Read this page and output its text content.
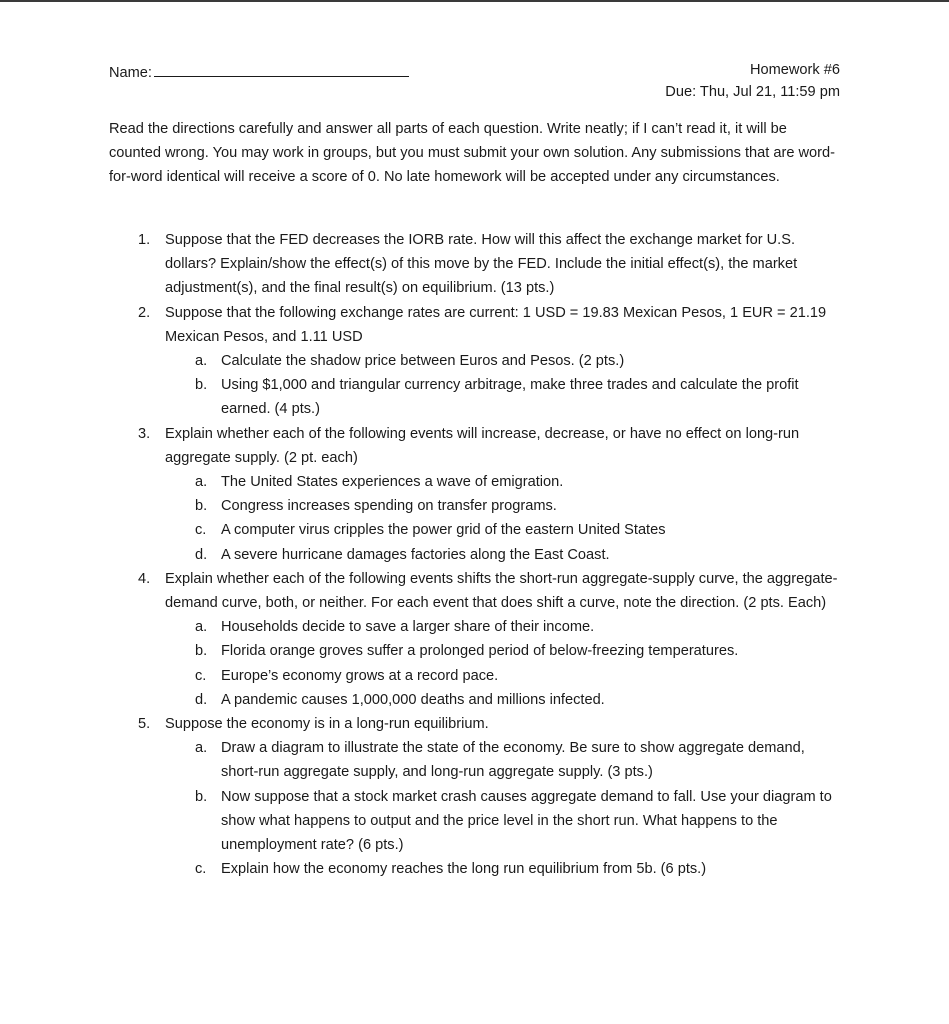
Name:	Homework #6
Due: Thu, Jul 21, 11:59 pm
Read the directions carefully and answer all parts of each question. Write neatly; if I can’t read it, it will be counted wrong. You may work in groups, but you must submit your own solution. Any submissions that are word-for-word identical will receive a score of 0. No late homework will be accepted under any circumstances.
1. Suppose that the FED decreases the IORB rate. How will this affect the exchange market for U.S. dollars? Explain/show the effect(s) of this move by the FED. Include the initial effect(s), the market adjustment(s), and the final result(s) on equilibrium. (13 pts.)
2. Suppose that the following exchange rates are current: 1 USD = 19.83 Mexican Pesos, 1 EUR = 21.19 Mexican Pesos, and 1.11 USD
a. Calculate the shadow price between Euros and Pesos. (2 pts.)
b. Using $1,000 and triangular currency arbitrage, make three trades and calculate the profit earned. (4 pts.)
3. Explain whether each of the following events will increase, decrease, or have no effect on long-run aggregate supply. (2 pt. each)
a. The United States experiences a wave of emigration.
b. Congress increases spending on transfer programs.
c. A computer virus cripples the power grid of the eastern United States
d. A severe hurricane damages factories along the East Coast.
4. Explain whether each of the following events shifts the short-run aggregate-supply curve, the aggregate-demand curve, both, or neither. For each event that does shift a curve, note the direction. (2 pts. Each)
a. Households decide to save a larger share of their income.
b. Florida orange groves suffer a prolonged period of below-freezing temperatures.
c. Europe’s economy grows at a record pace.
d. A pandemic causes 1,000,000 deaths and millions infected.
5. Suppose the economy is in a long-run equilibrium.
a. Draw a diagram to illustrate the state of the economy. Be sure to show aggregate demand, short-run aggregate supply, and long-run aggregate supply. (3 pts.)
b. Now suppose that a stock market crash causes aggregate demand to fall. Use your diagram to show what happens to output and the price level in the short run. What happens to the unemployment rate? (6 pts.)
c. Explain how the economy reaches the long run equilibrium from 5b. (6 pts.)
